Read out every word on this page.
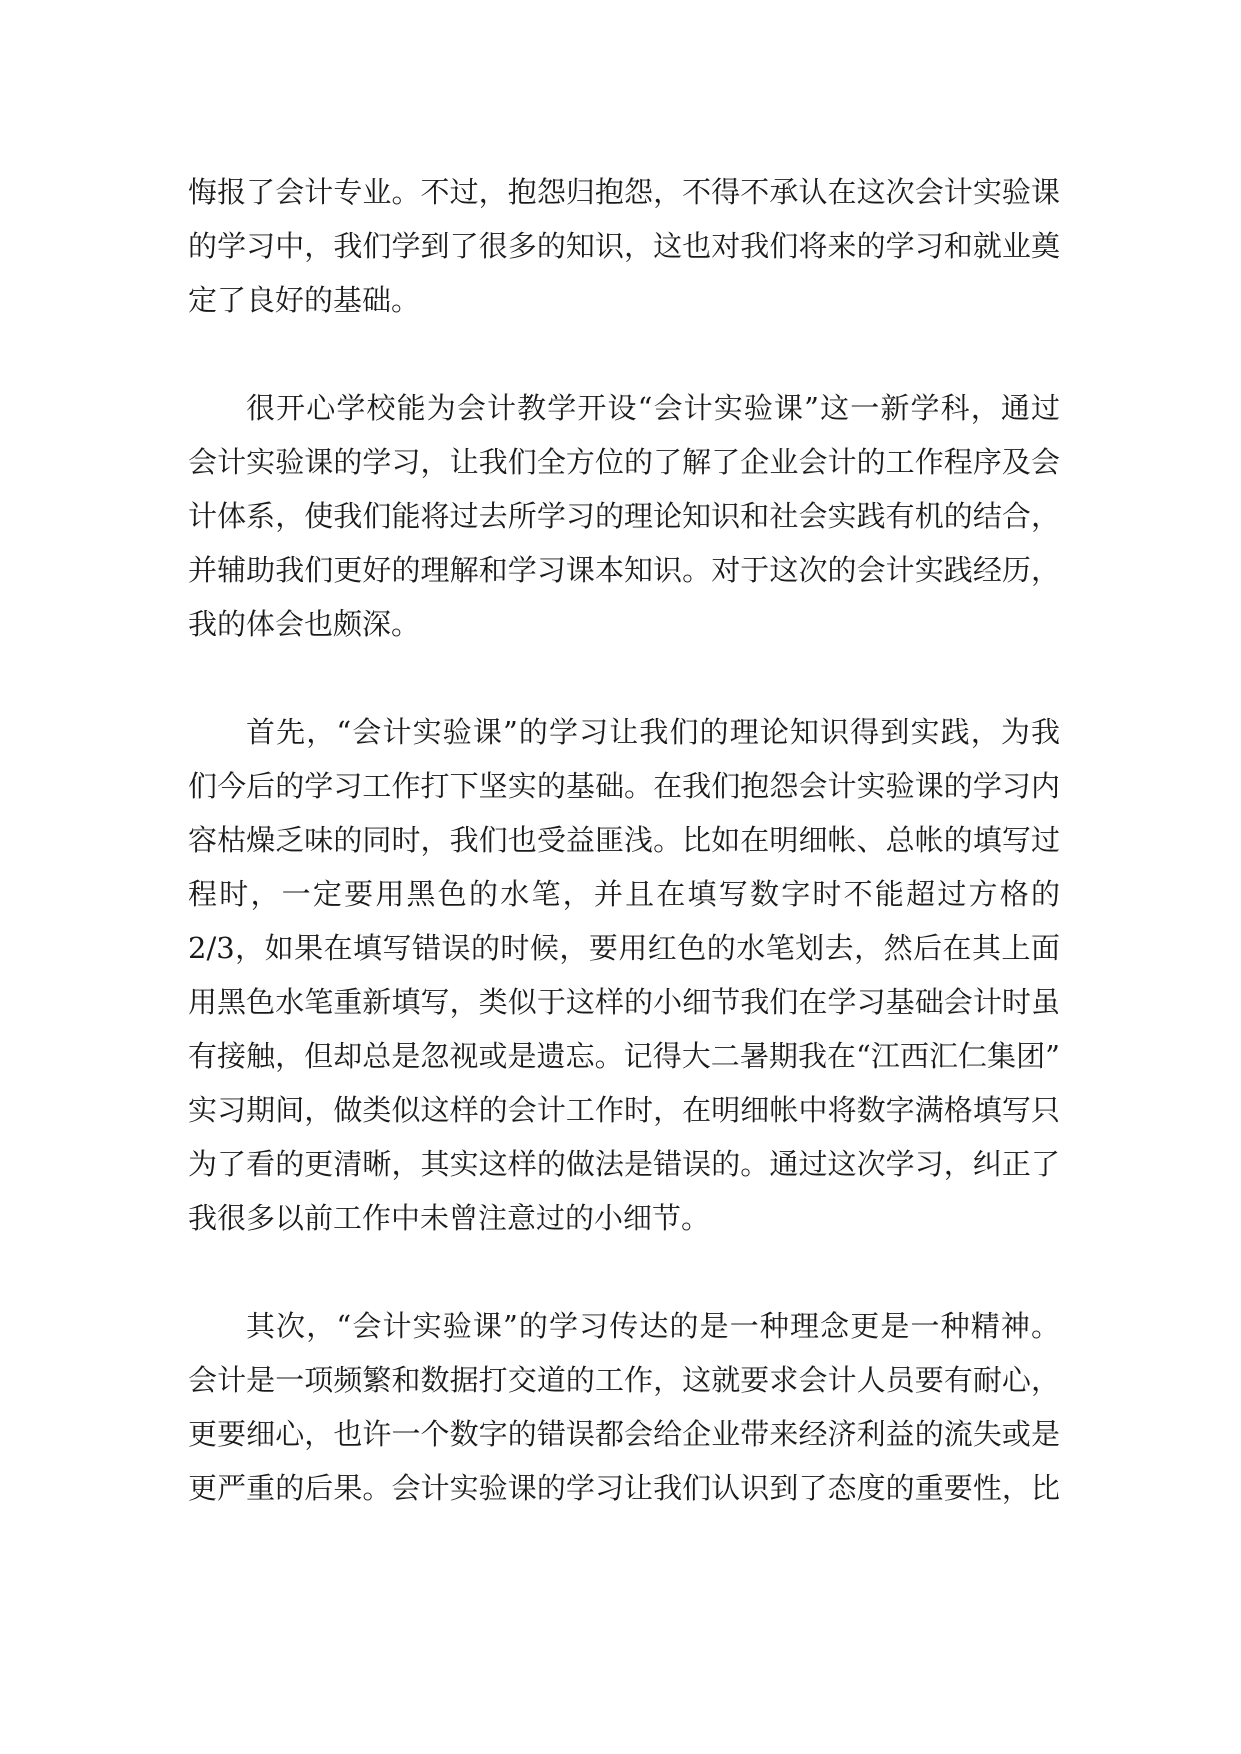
悔报了会计专业。不过，抱怨归抱怨，不得不承认在这次会计实验课
的学习中，我们学到了很多的知识，这也对我们将来的学习和就业奠
定了良好的基础。
很开心学校能为会计教学开设“会计实验课”这一新学科，通过
会计实验课的学习，让我们全方位的了解了企业会计的工作程序及会
计体系，使我们能将过去所学习的理论知识和社会实践有机的结合，
并辅助我们更好的理解和学习课本知识。对于这次的会计实践经历，
我的体会也颇深。
首先，“会计实验课”的学习让我们的理论知识得到实践，为我
们今后的学习工作打下坚实的基础。在我们抱怨会计实验课的学习内
容枯燥乏味的同时，我们也受益匪浅。比如在明细帐、总帐的填写过
程时，一定要用黑色的水笔，并且在填写数字时不能超过方格的
2/3，如果在填写错误的时候，要用红色的水笔划去，然后在其上面
用黑色水笔重新填写，类似于这样的小细节我们在学习基础会计时虽
有接触，但却总是忽视或是遗忘。记得大二暑期我在“江西汇仁集团”
实习期间，做类似这样的会计工作时，在明细帐中将数字满格填写只
为了看的更清晰，其实这样的做法是错误的。通过这次学习，纠正了
我很多以前工作中未曾注意过的小细节。
其次，“会计实验课”的学习传达的是一种理念更是一种精神。
会计是一项频繁和数据打交道的工作，这就要求会计人员要有耐心，
更要细心，也许一个数字的错误都会给企业带来经济利益的流失或是
更严重的后果。会计实验课的学习让我们认识到了态度的重要性，比
